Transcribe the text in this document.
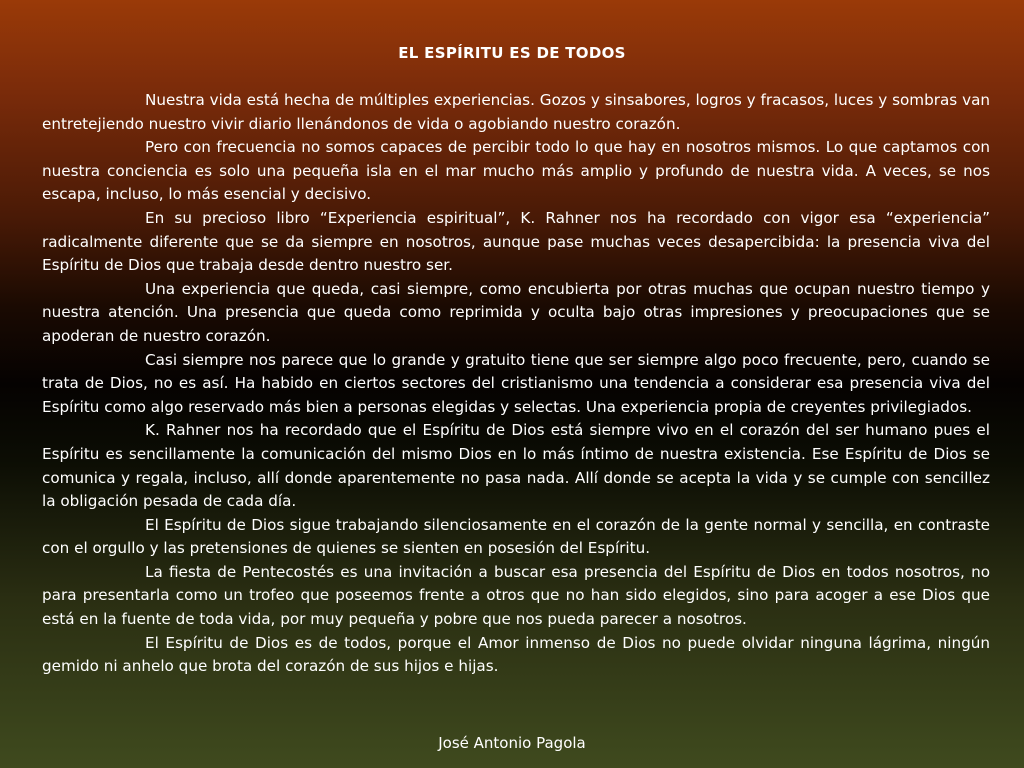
EL ESPÍRITU ES DE TODOS

Nuestra vida está hecha de múltiples experiencias. Gozos y sinsabores, logros y fracasos, luces y sombras van entretejiendo nuestro vivir diario llenándonos de vida o agobiando nuestro corazón.

Pero con frecuencia no somos capaces de percibir todo lo que hay en nosotros mismos. Lo que captamos con nuestra conciencia es solo una pequeña isla en el mar mucho más amplio y profundo de nuestra vida. A veces, se nos escapa, incluso, lo más esencial y decisivo.

En su precioso libro “Experiencia espiritual”, K. Rahner nos ha recordado con vigor esa “experiencia” radicalmente diferente que se da siempre en nosotros, aunque pase muchas veces desapercibida: la presencia viva del Espíritu de Dios que trabaja desde dentro nuestro ser.

Una experiencia que queda, casi siempre, como encubierta por otras muchas que ocupan nuestro tiempo y nuestra atención. Una presencia que queda como reprimida y oculta bajo otras impresiones y preocupaciones que se apoderan de nuestro corazón.

Casi siempre nos parece que lo grande y gratuito tiene que ser siempre algo poco frecuente, pero, cuando se trata de Dios, no es así. Ha habido en ciertos sectores del cristianismo una tendencia a considerar esa presencia viva del Espíritu como algo reservado más bien a personas elegidas y selectas. Una experiencia propia de creyentes privilegiados.

K. Rahner nos ha recordado que el Espíritu de Dios está siempre vivo en el corazón del ser humano pues el Espíritu es sencillamente la comunicación del mismo Dios en lo más íntimo de nuestra existencia. Ese Espíritu de Dios se comunica y regala, incluso, allí donde aparentemente no pasa nada. Allí donde se acepta la vida y se cumple con sencillez la obligación pesada de cada día.

El Espíritu de Dios sigue trabajando silenciosamente en el corazón de la gente normal y sencilla, en contraste con el orgullo y las pretensiones de quienes se sienten en posesión del Espíritu.

La fiesta de Pentecostés es una invitación a buscar esa presencia del Espíritu de Dios en todos nosotros, no para presentarla como un trofeo que poseemos frente a otros que no han sido elegidos, sino para acoger a ese Dios que está en la fuente de toda vida, por muy pequeña y pobre que nos pueda parecer a nosotros.

El Espíritu de Dios es de todos, porque el Amor inmenso de Dios no puede olvidar ninguna lágrima, ningún gemido ni anhelo que brota del corazón de sus hijos e hijas.

José Antonio Pagola
